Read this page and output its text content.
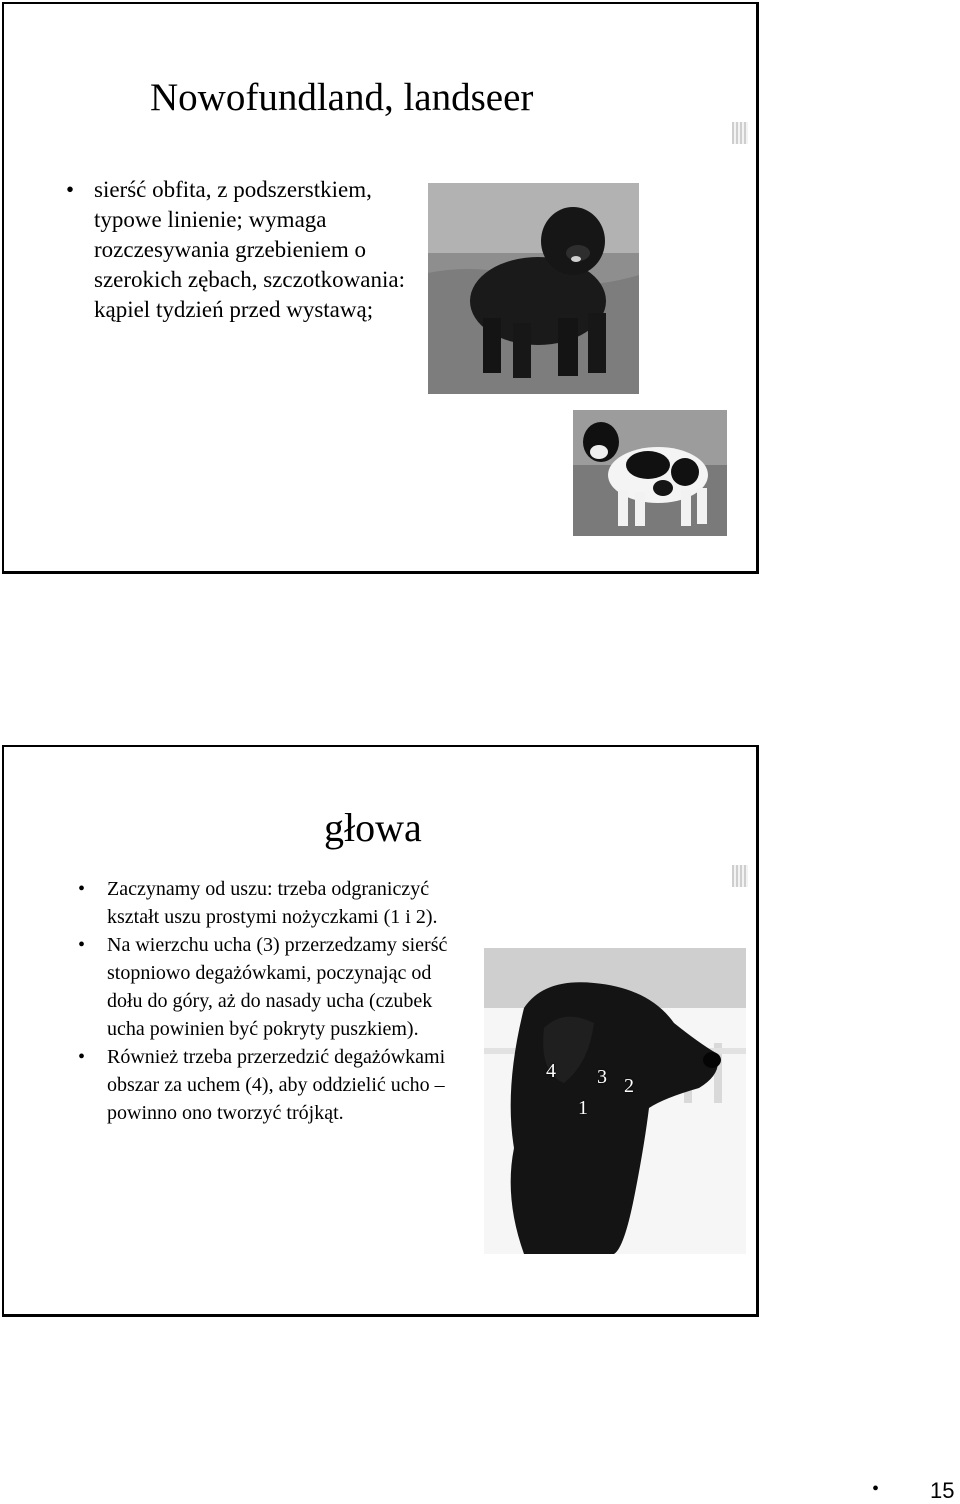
Nowofundland, landseer
• sierść obfita, z podszerstkiem, typowe linienie; wymaga rozczesywania grzebieniem o szerokich zębach, szczotkowania: kąpiel tydzień przed wystawą;
głowa
• Zaczynamy od uszu: trzeba odgraniczyć kształt uszu prostymi nożyczkami (1 i 2).
• Na wierzchu ucha (3) przerzedzamy sierść stopniowo degażówkami, poczynając od dołu do góry, aż do nasady ucha (czubek ucha powinien być pokryty puszkiem).
• Również trzeba przerzedzić degażówkami obszar za uchem (4), aby oddzielić ucho – powinno ono tworzyć trójkąt.
4 3 2
1
• 15
